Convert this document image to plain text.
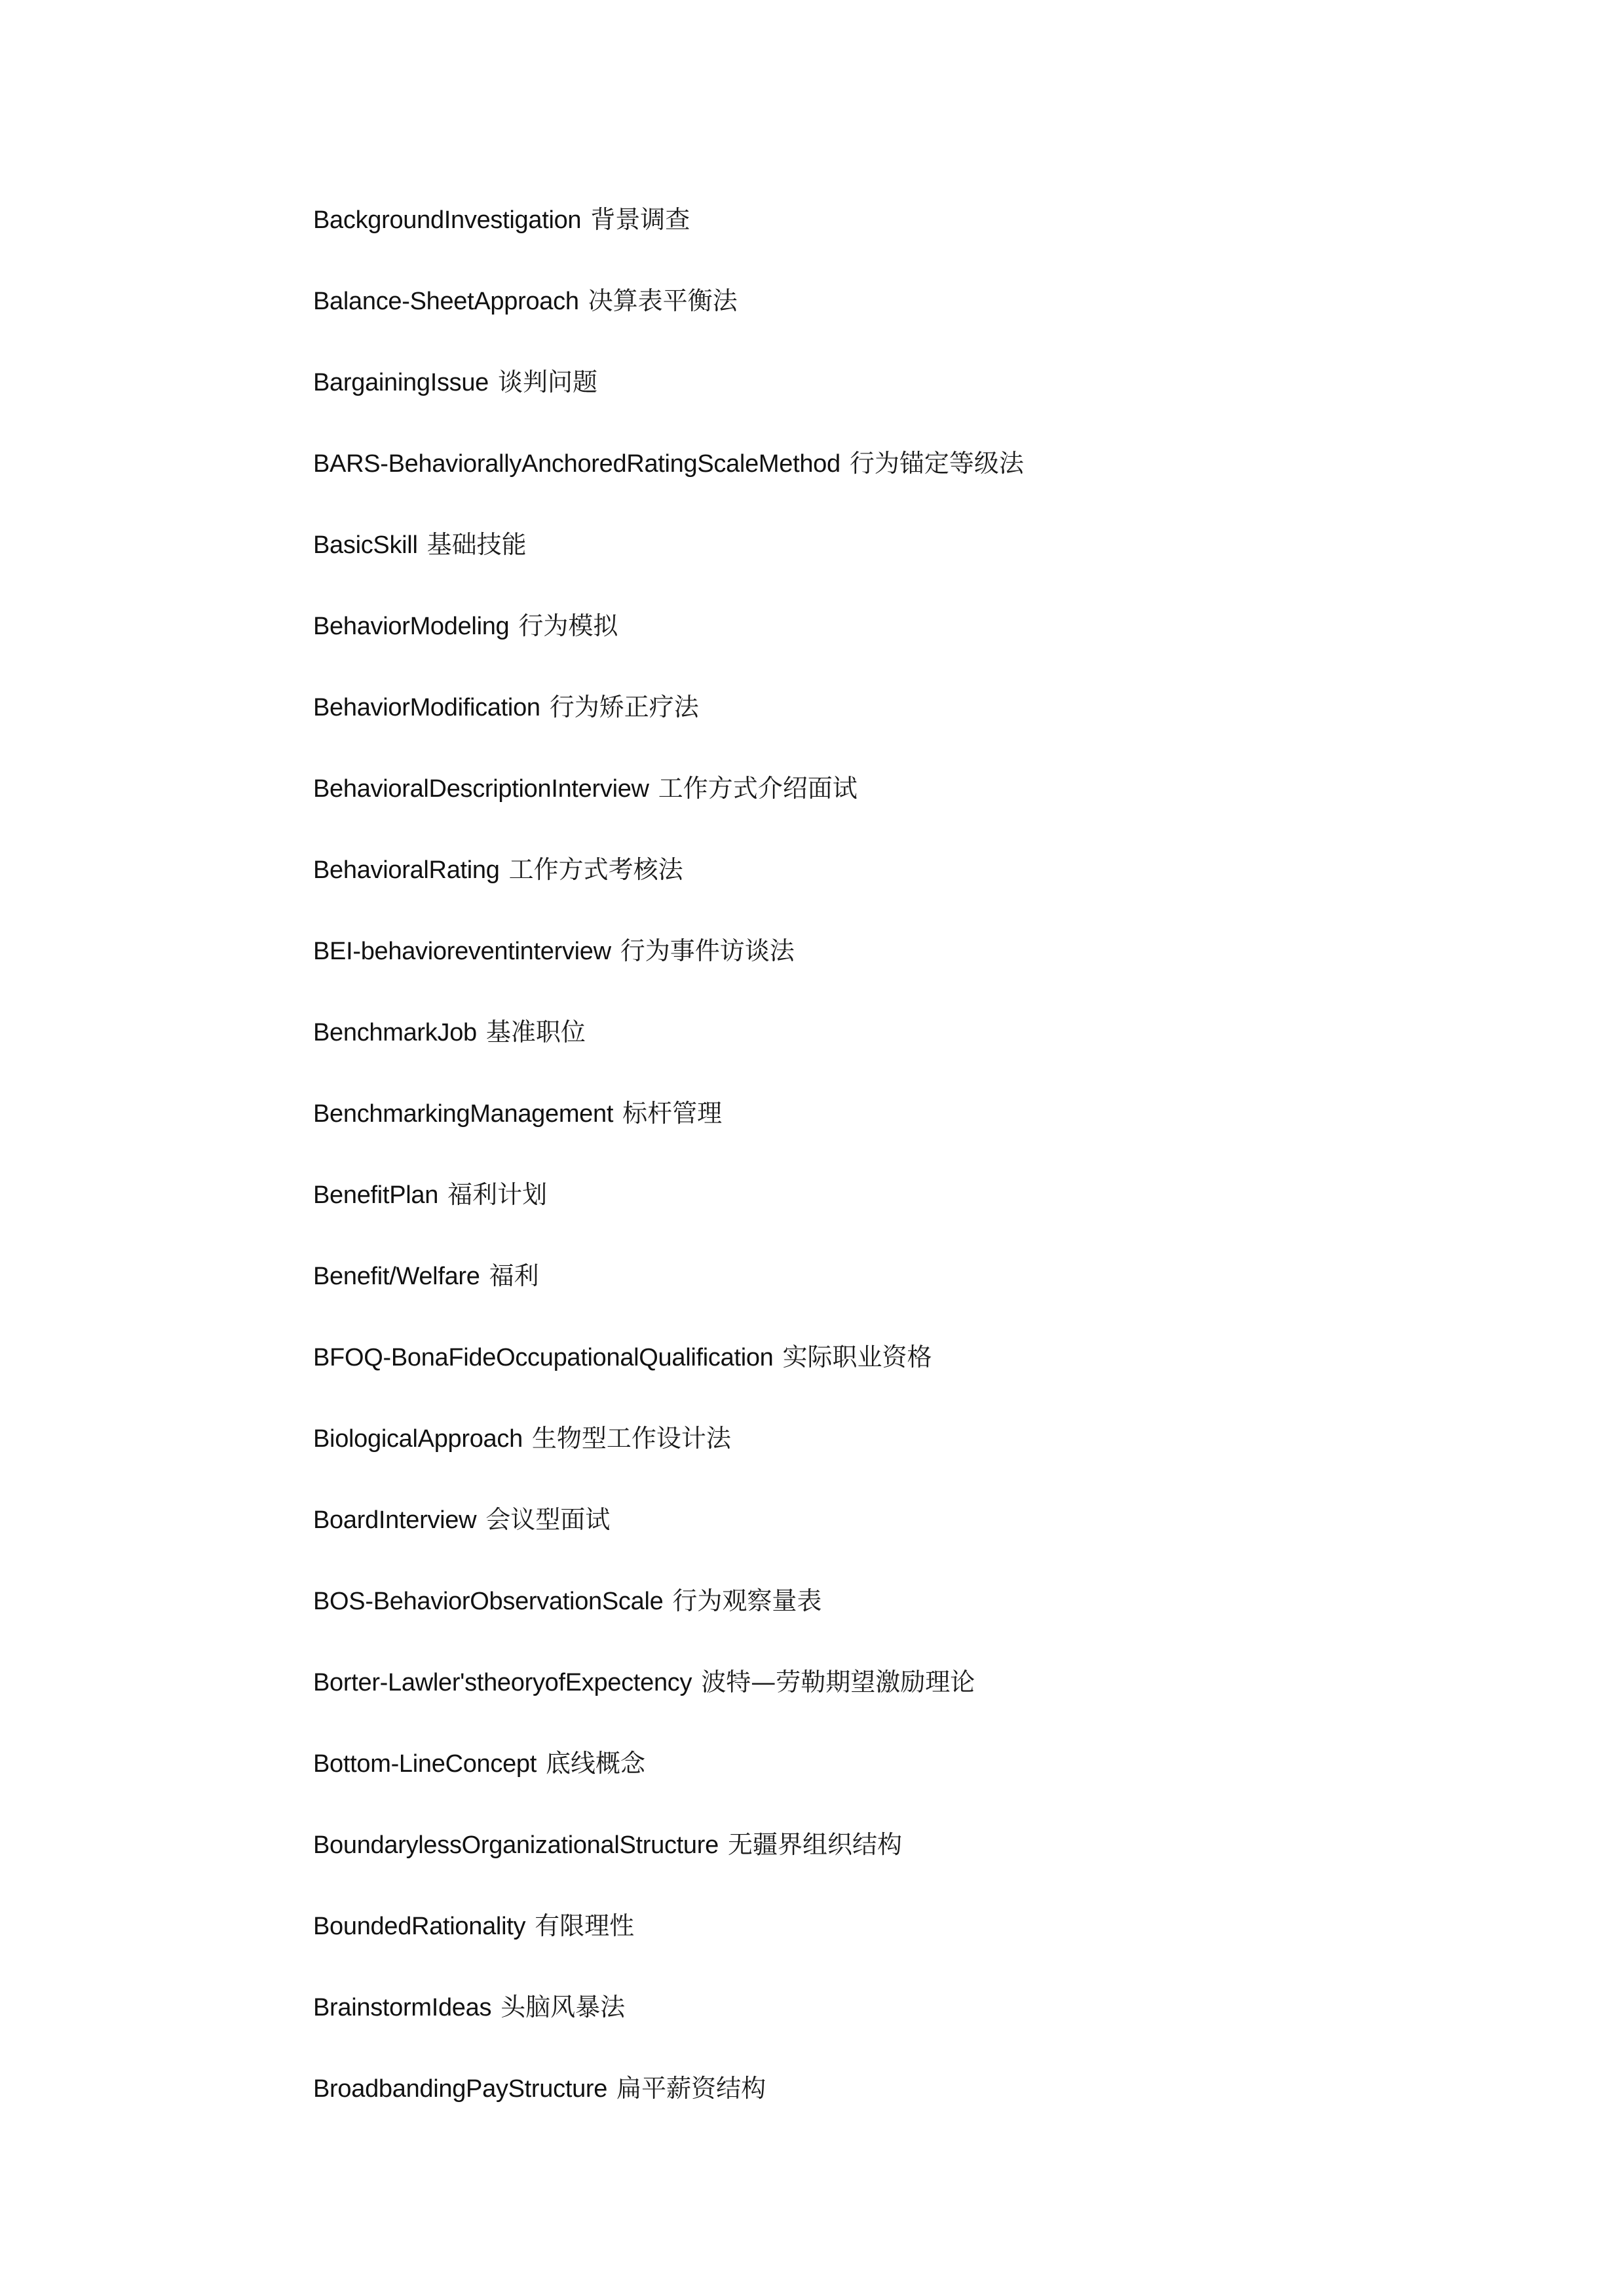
BackgroundInvestigation 背景调查
Balance-SheetApproach 决算表平衡法
BargainingIssue 谈判问题
BARS-BehaviorallyAnchoredRatingScaleMethod 行为锚定等级法
BasicSkill 基础技能
BehaviorModeling 行为模拟
BehaviorModification 行为矫正疗法
BehavioralDescriptionInterview 工作方式介绍面试
BehavioralRating 工作方式考核法
BEI-behavioreventinterview 行为事件访谈法
BenchmarkJob 基准职位
BenchmarkingManagement 标杆管理
BenefitPlan 福利计划
Benefit/Welfare 福利
BFOQ-BonaFideOccupationalQualification 实际职业资格
BiologicalApproach 生物型工作设计法
BoardInterview 会议型面试
BOS-BehaviorObservationScale 行为观察量表
Borter-Lawler'stheoryofExpectency 波特—劳勒期望激励理论
Bottom-LineConcept 底线概念
BoundarylessOrganizationalStructure 无疆界组织结构
BoundedRationality 有限理性
BrainstormIdeas 头脑风暴法
BroadbandingPayStructure 扁平薪资结构
